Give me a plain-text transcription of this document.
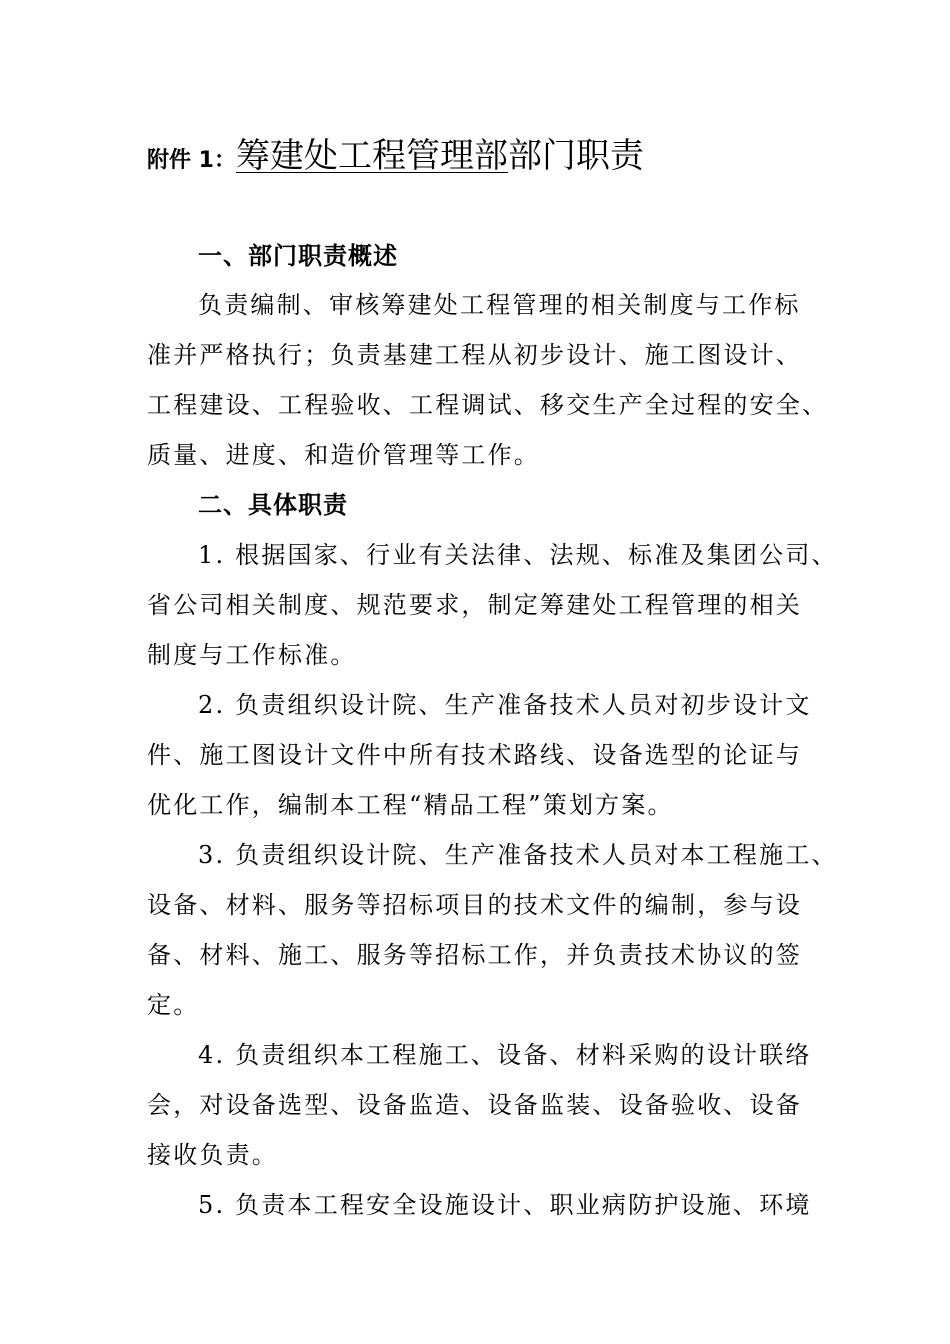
附件 1：筹建处工程管理部部门职责
一、部门职责概述
负责编制、审核筹建处工程管理的相关制度与工作标
准并严格执行；负责基建工程从初步设计、施工图设计、
工程建设、工程验收、工程调试、移交生产全过程的安全、
质量、进度、和造价管理等工作。
二、具体职责
1. 根据国家、行业有关法律、法规、标准及集团公司、
省公司相关制度、规范要求，制定筹建处工程管理的相关
制度与工作标准。
2. 负责组织设计院、生产准备技术人员对初步设计文
件、施工图设计文件中所有技术路线、设备选型的论证与
优化工作，编制本工程“精品工程”策划方案。
3. 负责组织设计院、生产准备技术人员对本工程施工、
设备、材料、服务等招标项目的技术文件的编制，参与设
备、材料、施工、服务等招标工作，并负责技术协议的签
定。
4. 负责组织本工程施工、设备、材料采购的设计联络
会，对设备选型、设备监造、设备监装、设备验收、设备
接收负责。
5. 负责本工程安全设施设计、职业病防护设施、环境
